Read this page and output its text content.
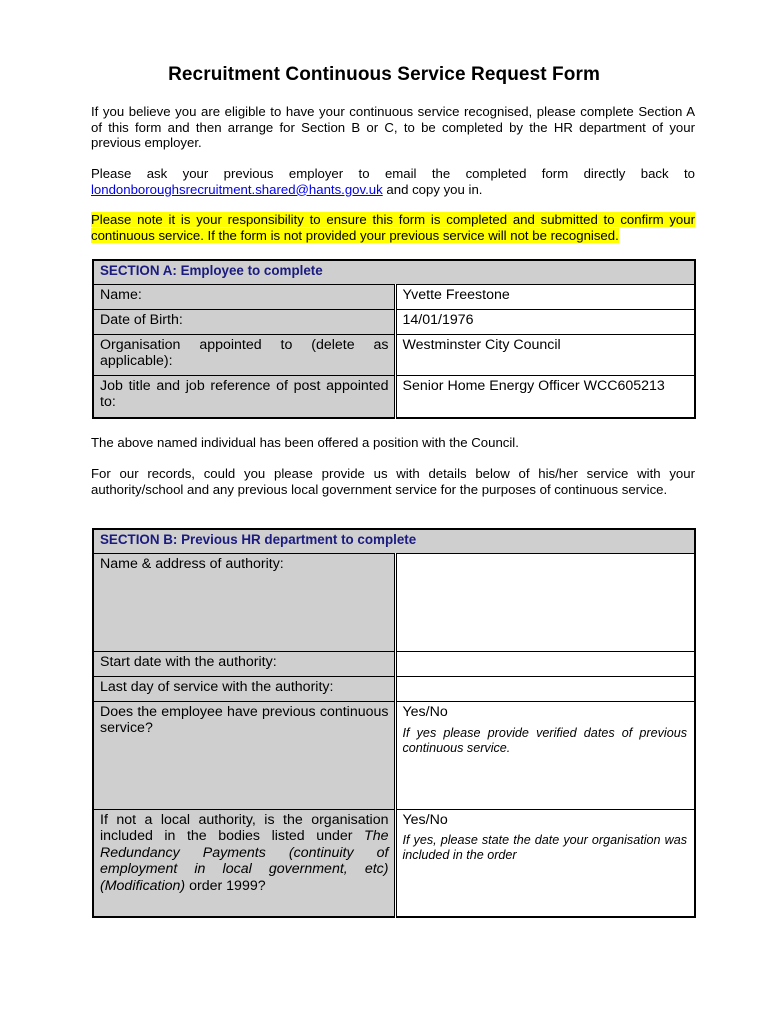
Recruitment Continuous Service Request Form

If you believe you are eligible to have your continuous service recognised, please complete Section A of this form and then arrange for Section B or C, to be completed by the HR department of your previous employer.

Please ask your previous employer to email the completed form directly back to londonboroughsrecruitment.shared@hants.gov.uk and copy you in.

Please note it is your responsibility to ensure this form is completed and submitted to confirm your continuous service. If the form is not provided your previous service will not be recognised.

SECTION A: Employee to complete	
Name:	Yvette Freestone
Date of Birth:	14/01/1976
Organisation appointed to (delete as applicable):	Westminster City Council
Job title and job reference of post appointed to:	Senior Home Energy Officer WCC605213

The above named individual has been offered a position with the Council.

For our records, could you please provide us with details below of his/her service with your authority/school and any previous local government service for the purposes of continuous service.

SECTION B: Previous HR department to complete	
Name & address of authority:	
Start date with the authority:	
Last day of service with the authority:	
Does the employee have previous continuous service?	Yes/No
If yes please provide verified dates of previous continuous service.

If not a local authority, is the organisation included in the bodies listed under The Redundancy Payments (continuity of employment in local government, etc) (Modification) order 1999?	Yes/No
If yes, please state the date your organisation was included in the order
